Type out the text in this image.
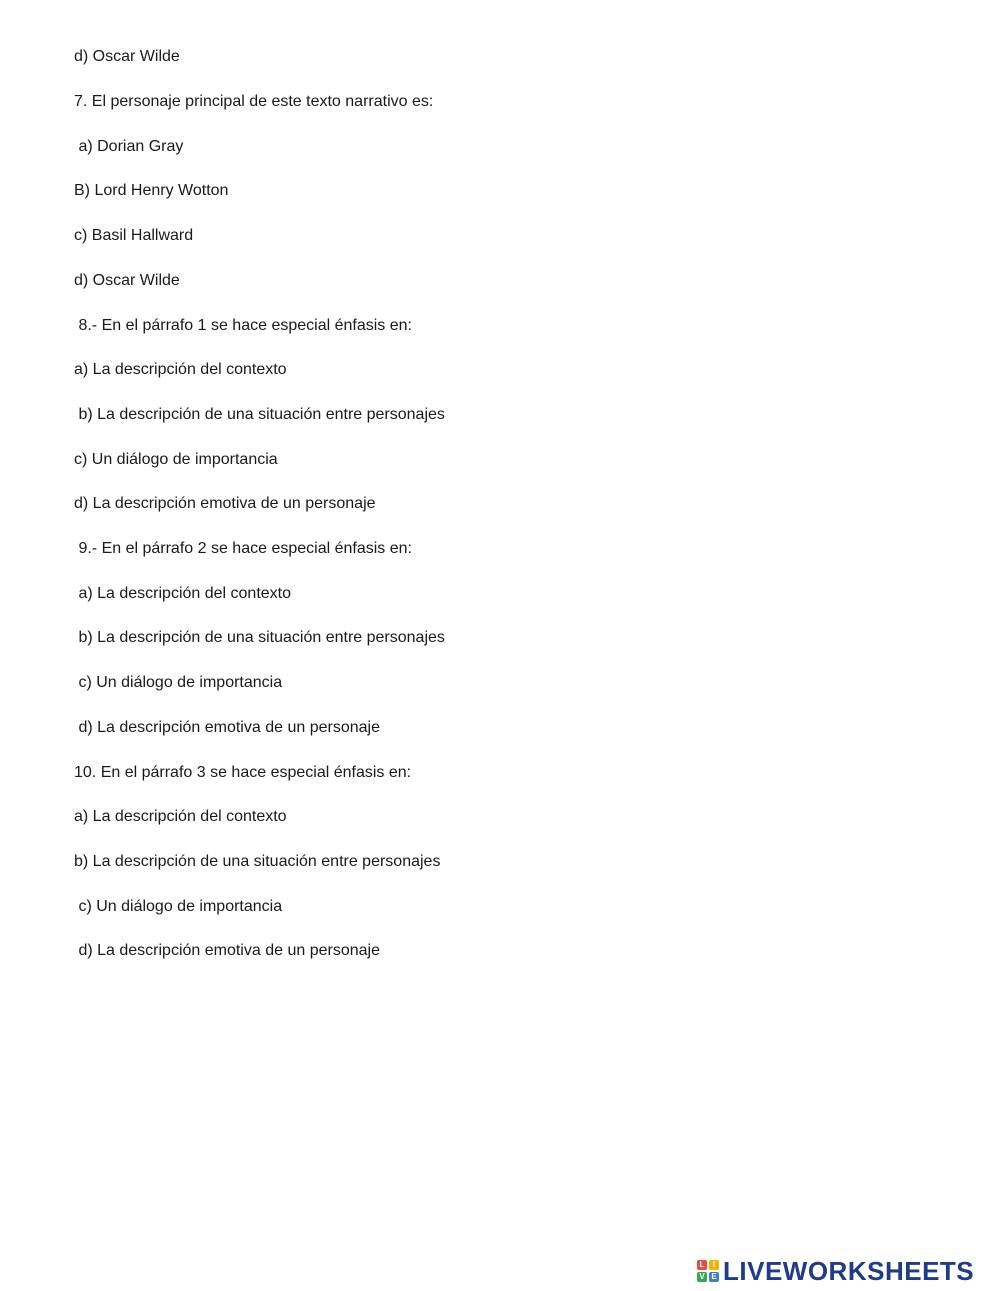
d) Oscar Wilde
7. El personaje principal de este texto narrativo es:
a) Dorian Gray
B) Lord Henry Wotton
c) Basil Hallward
d) Oscar Wilde
8.- En el párrafo 1 se hace especial énfasis en:
a) La descripción del contexto
b) La descripción de una situación entre personajes
c) Un diálogo de importancia
d) La descripción emotiva de un personaje
9.- En el párrafo 2 se hace especial énfasis en:
a) La descripción del contexto
b) La descripción de una situación entre personajes
c) Un diálogo de importancia
d) La descripción emotiva de un personaje
10. En el párrafo 3 se hace especial énfasis en:
a) La descripción del contexto
b) La descripción de una situación entre personajes
c) Un diálogo de importancia
d) La descripción emotiva de un personaje
L	I
V E LIVEWORKSHEETS
